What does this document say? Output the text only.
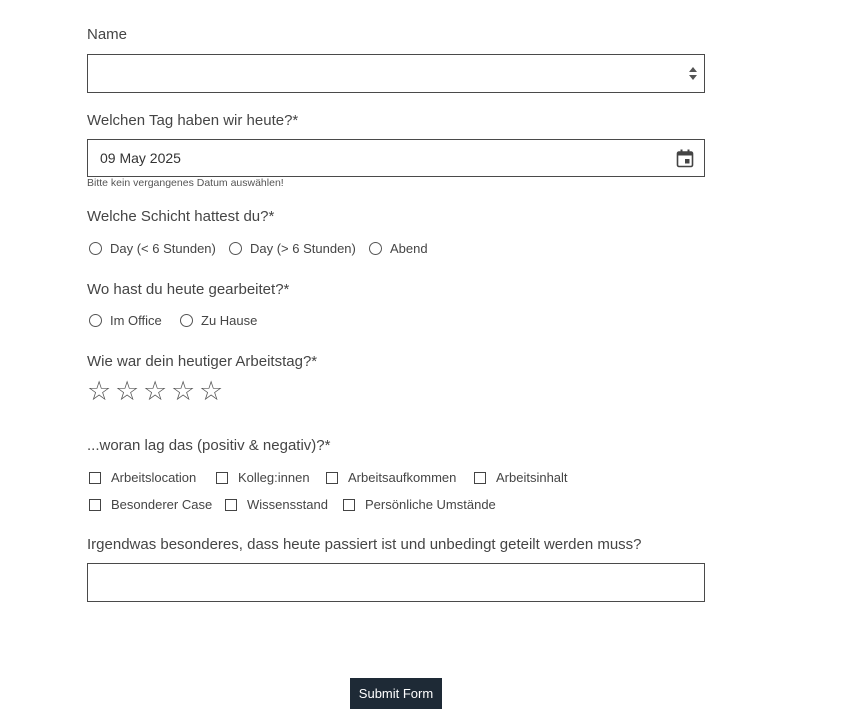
Name
Welchen Tag haben wir heute?*
09 May 2025
Bitte kein vergangenes Datum auswählen!
Welche Schicht hattest du?*
Day (< 6 Stunden)	Day (> 6 Stunden)	Abend
Wo hast du heute gearbeitet?*
Im Office	Zu Hause
Wie war dein heutiger Arbeitstag?*
☆ ☆ ☆ ☆ ☆
...woran lag das (positiv & negativ)?*
Arbeitslocation	Kolleg:innen	Arbeitsaufkommen	Arbeitsinhalt
Besonderer Case	Wissensstand	Persönliche Umstände
Irgendwas besonderes, dass heute passiert ist und unbedingt geteilt werden muss?
Submit Form
